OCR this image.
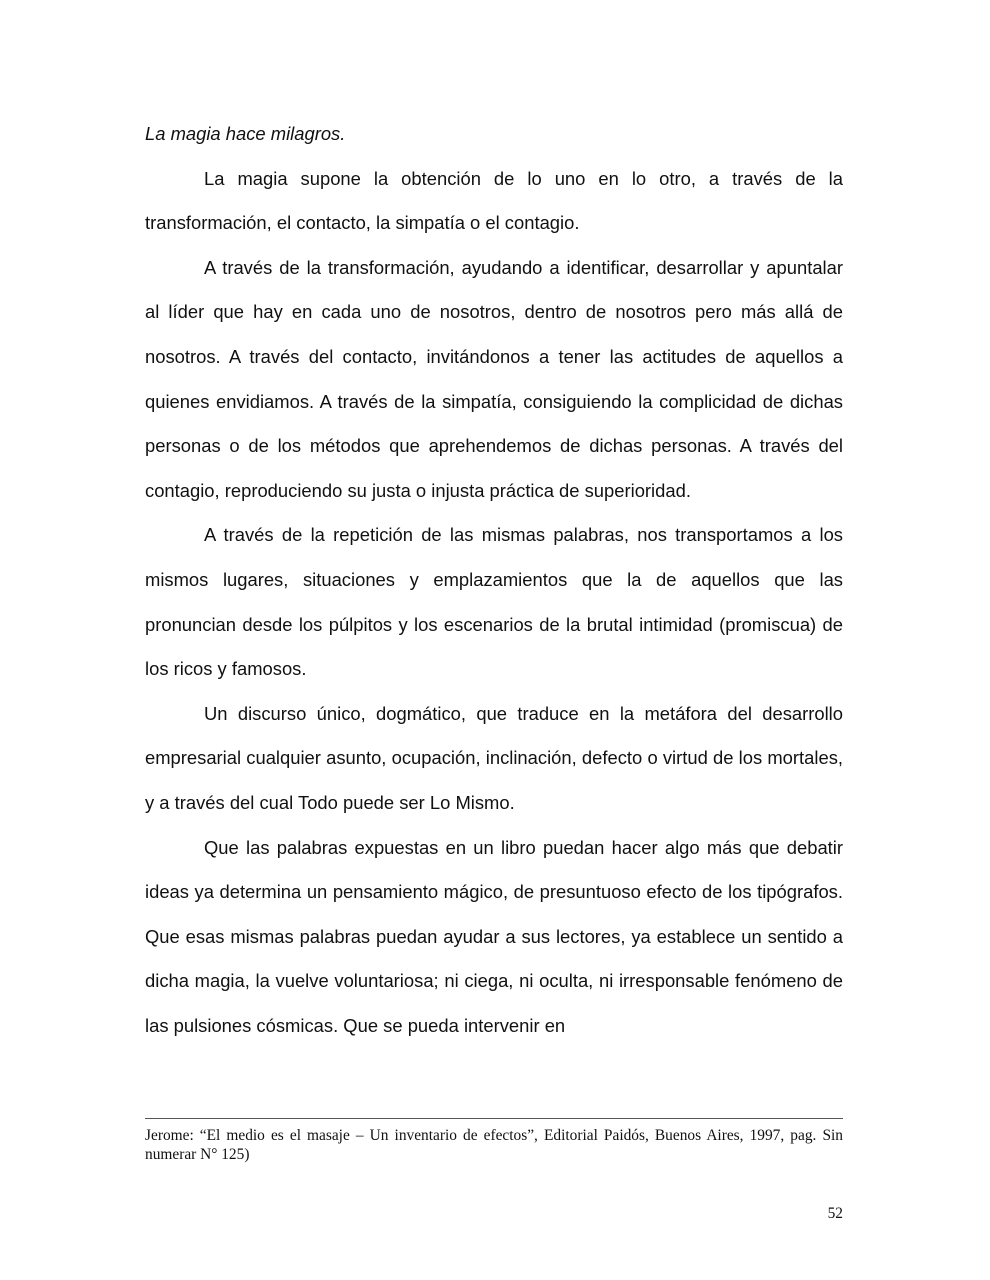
La magia hace milagros.

La magia supone la obtención de lo uno en lo otro, a través de la transformación, el contacto, la simpatía o el contagio.

A través de la transformación, ayudando a identificar, desarrollar y apuntalar al líder que hay en cada uno de nosotros, dentro de nosotros pero más allá de nosotros. A través del contacto, invitándonos a tener las actitudes de aquellos a quienes envidiamos. A través de la simpatía, consiguiendo la complicidad de dichas personas o de los métodos que aprehendemos de dichas personas. A través del contagio, reproduciendo su justa o injusta práctica de superioridad.

A través de la repetición de las mismas palabras, nos transportamos a los mismos lugares, situaciones y emplazamientos que la de aquellos que las pronuncian desde los púlpitos y los escenarios de la brutal intimidad (promiscua) de los ricos y famosos.

Un discurso único, dogmático, que traduce en la metáfora del desarrollo empresarial cualquier asunto, ocupación, inclinación, defecto o virtud de los mortales, y a través del cual Todo puede ser Lo Mismo.

Que las palabras expuestas en un libro puedan hacer algo más que debatir ideas ya determina un pensamiento mágico, de presuntuoso efecto de los tipógrafos. Que esas mismas palabras puedan ayudar a sus lectores, ya establece un sentido a dicha magia, la vuelve voluntariosa; ni ciega, ni oculta, ni irresponsable fenómeno de las pulsiones cósmicas. Que se pueda intervenir en

Jerome: “El medio es el masaje – Un inventario de efectos”, Editorial Paidós, Buenos Aires, 1997, pag. Sin numerar N° 125)

52
